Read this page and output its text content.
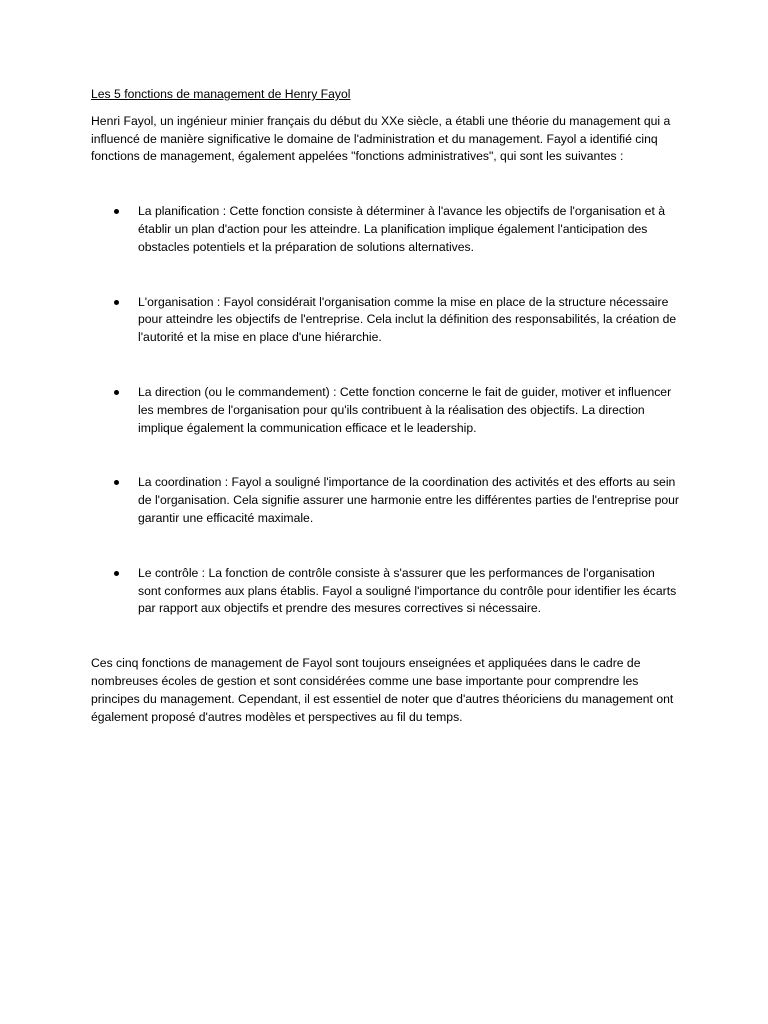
Les 5 fonctions de management de Henry Fayol

Henri Fayol, un ingénieur minier français du début du XXe siècle, a établi une théorie du management qui a influencé de manière significative le domaine de l'administration et du management. Fayol a identifié cinq fonctions de management, également appelées "fonctions administratives", qui sont les suivantes :

La planification : Cette fonction consiste à déterminer à l'avance les objectifs de l'organisation et à établir un plan d'action pour les atteindre. La planification implique également l'anticipation des obstacles potentiels et la préparation de solutions alternatives.
L'organisation : Fayol considérait l'organisation comme la mise en place de la structure nécessaire pour atteindre les objectifs de l'entreprise. Cela inclut la définition des responsabilités, la création de l'autorité et la mise en place d'une hiérarchie.
La direction (ou le commandement) : Cette fonction concerne le fait de guider, motiver et influencer les membres de l'organisation pour qu'ils contribuent à la réalisation des objectifs. La direction implique également la communication efficace et le leadership.
La coordination : Fayol a souligné l'importance de la coordination des activités et des efforts au sein de l'organisation. Cela signifie assurer une harmonie entre les différentes parties de l'entreprise pour garantir une efficacité maximale.
Le contrôle : La fonction de contrôle consiste à s'assurer que les performances de l'organisation sont conformes aux plans établis. Fayol a souligné l'importance du contrôle pour identifier les écarts par rapport aux objectifs et prendre des mesures correctives si nécessaire.

Ces cinq fonctions de management de Fayol sont toujours enseignées et appliquées dans le cadre de nombreuses écoles de gestion et sont considérées comme une base importante pour comprendre les principes du management. Cependant, il est essentiel de noter que d'autres théoriciens du management ont également proposé d'autres modèles et perspectives au fil du temps.
